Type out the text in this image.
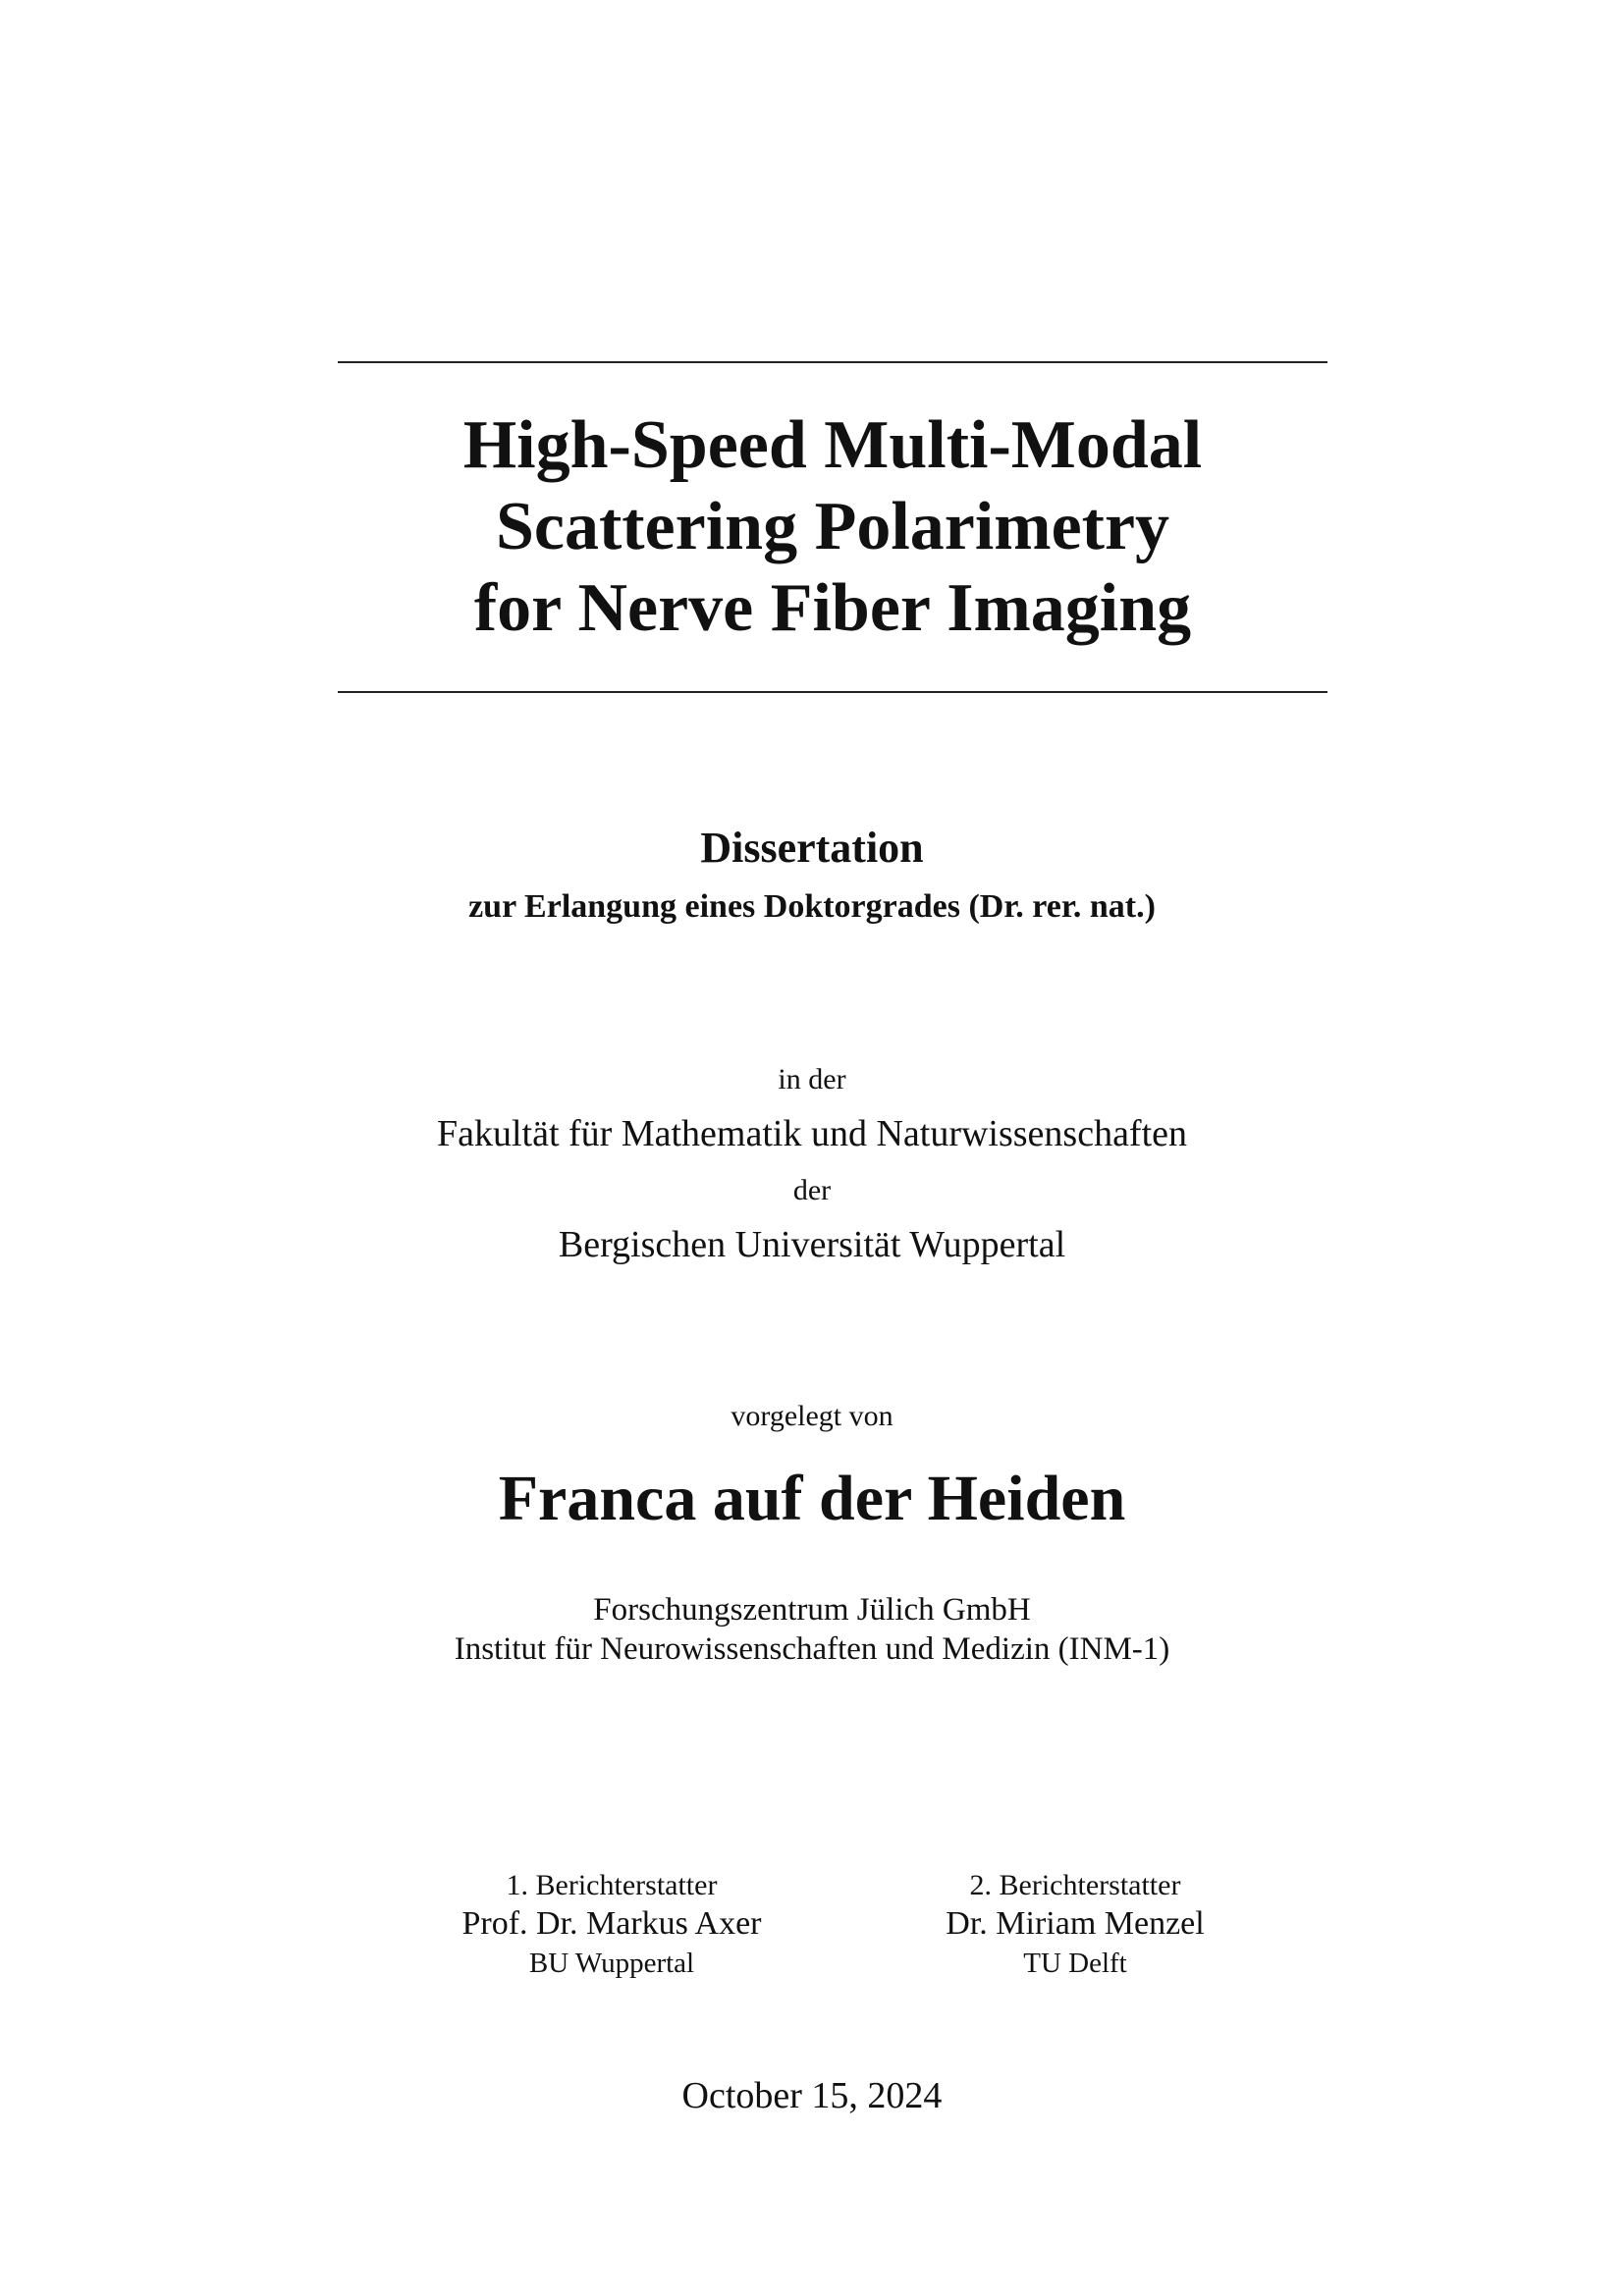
High-Speed Multi-Modal
Scattering Polarimetry
for Nerve Fiber Imaging
Dissertation
zur Erlangung eines Doktorgrades (Dr. rer. nat.)
in der
Fakultät für Mathematik und Naturwissenschaften
der
Bergischen Universität Wuppertal
vorgelegt von
Franca auf der Heiden
Forschungszentrum Jülich GmbH
Institut für Neurowissenschaften und Medizin (INM-1)
1. Berichterstatter
Prof. Dr. Markus Axer
BU Wuppertal
2. Berichterstatter
Dr. Miriam Menzel
TU Delft
October 15, 2024
